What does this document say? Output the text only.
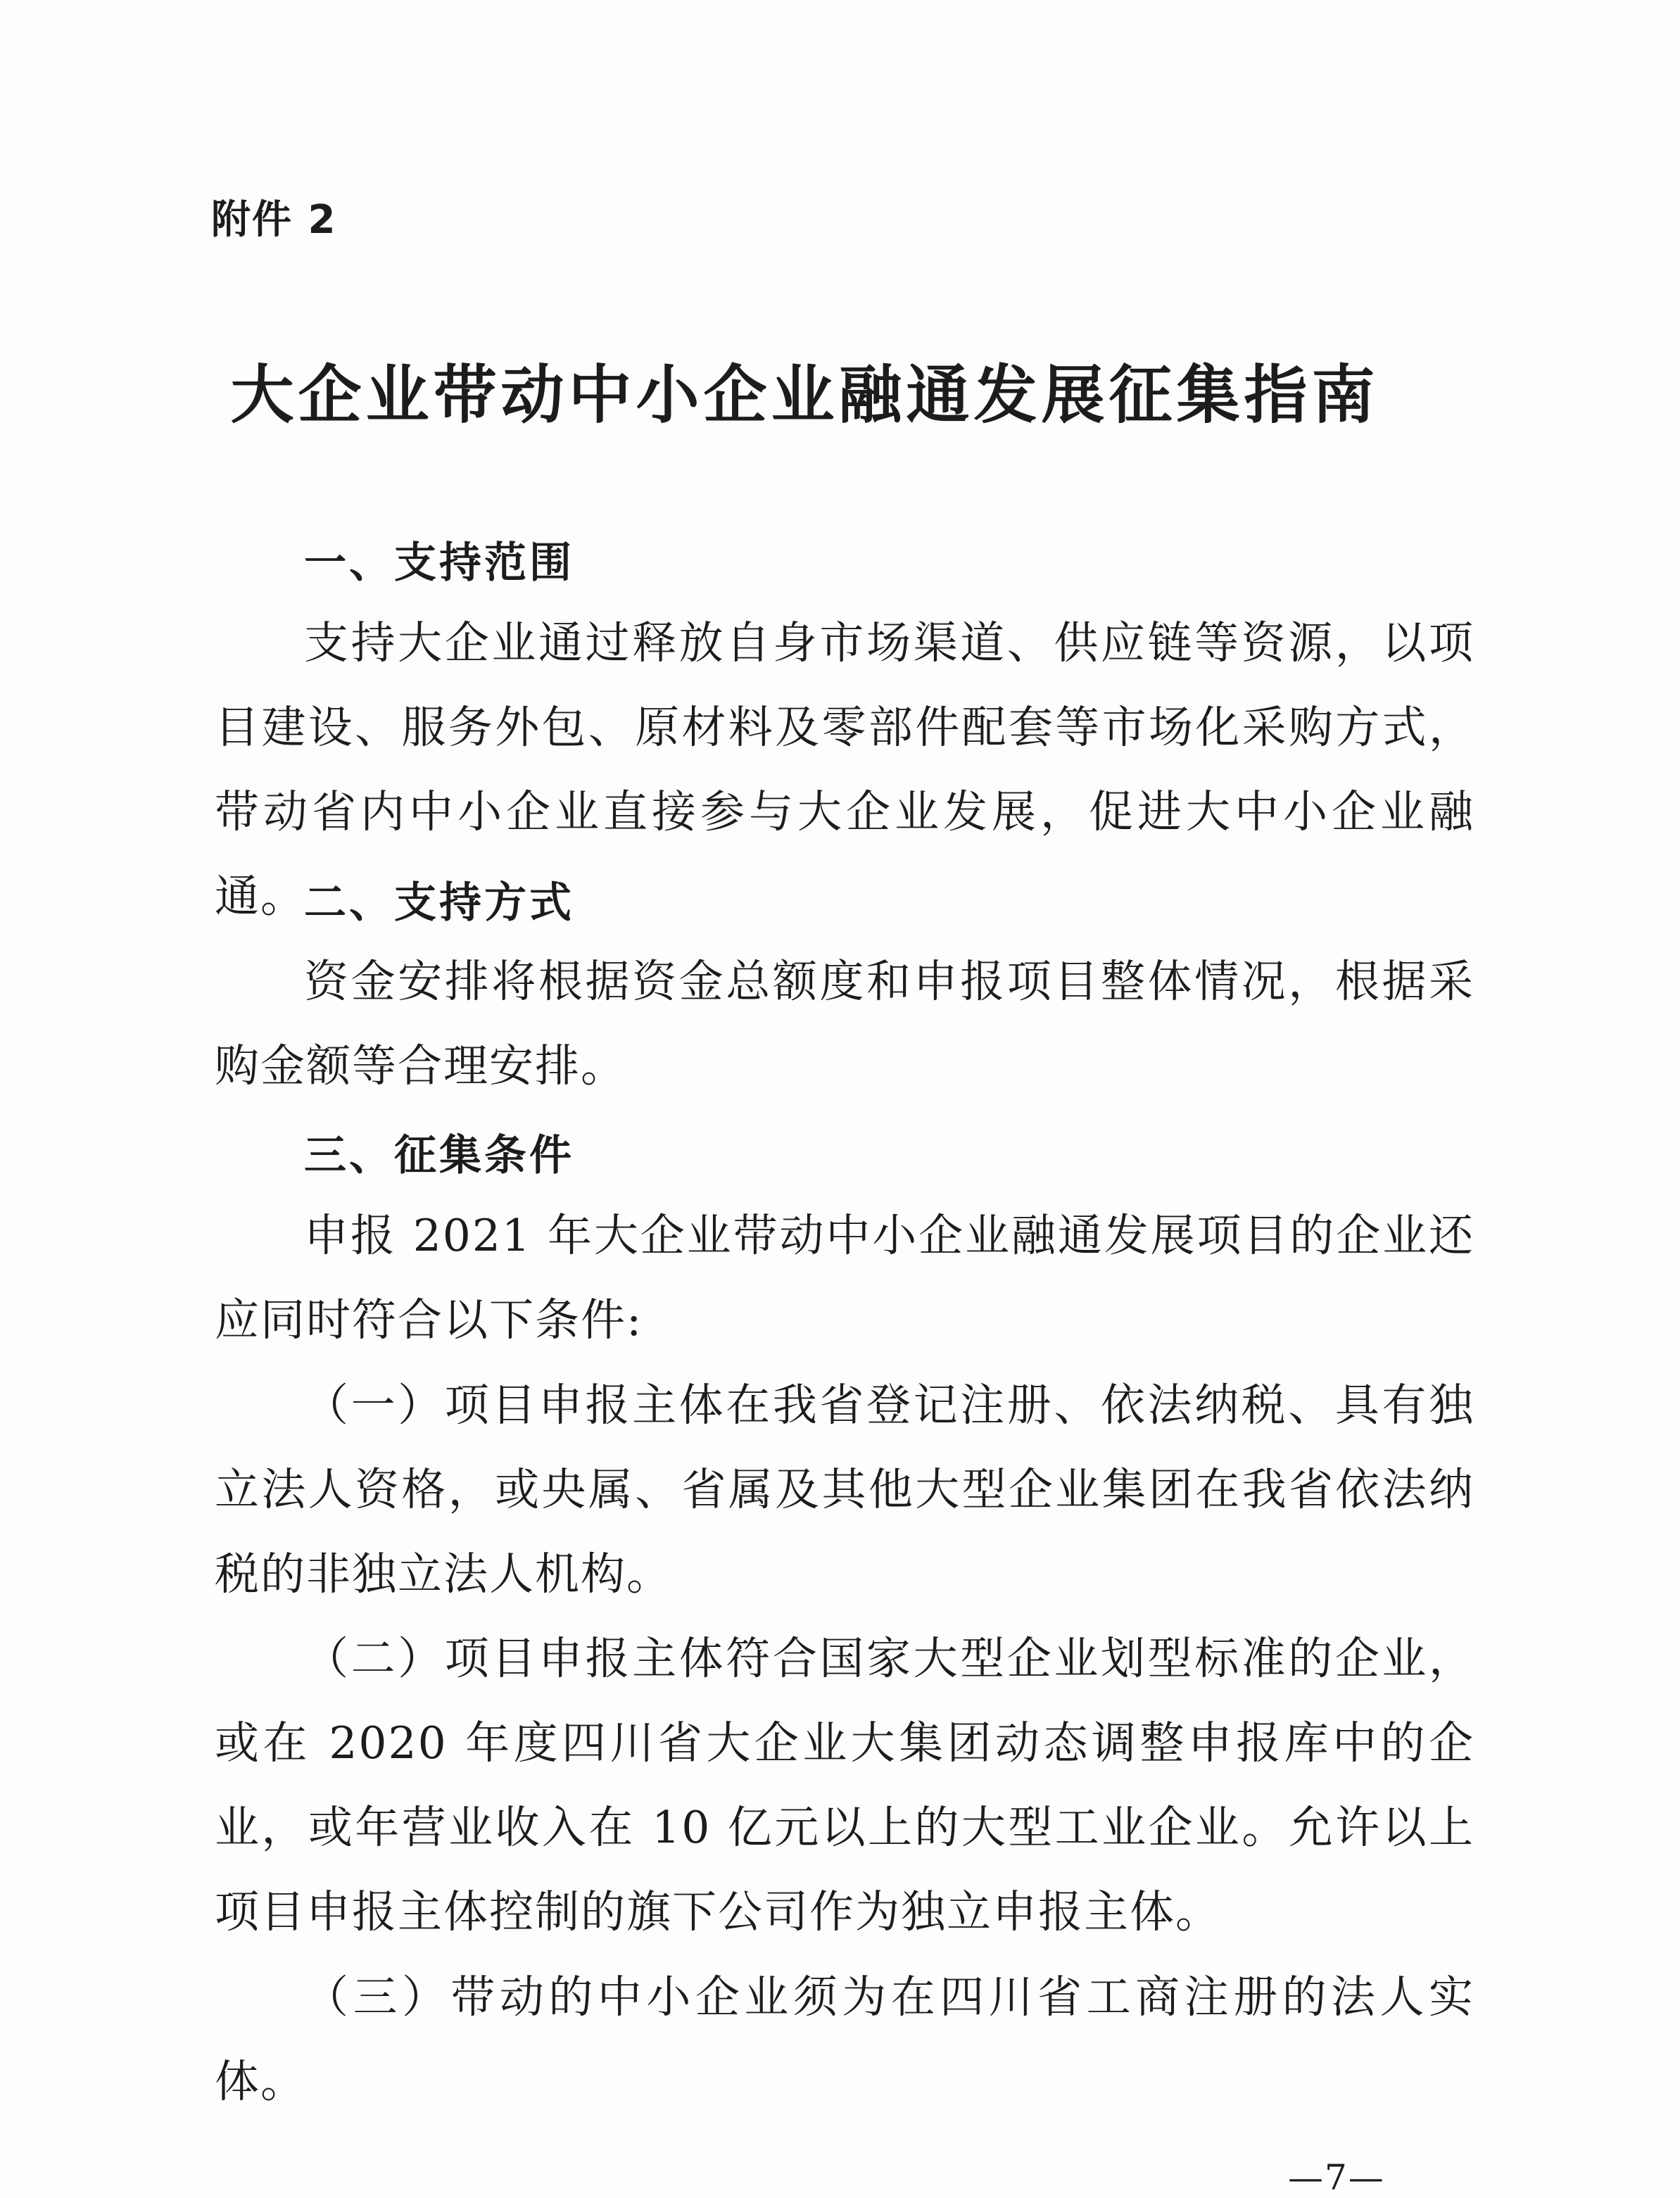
附件 2
大企业带动中小企业融通发展征集指南
一、支持范围
支持大企业通过释放自身市场渠道、供应链等资源，以项目建设、服务外包、原材料及零部件配套等市场化采购方式，带动省内中小企业直接参与大企业发展，促进大中小企业融通。
二、支持方式
资金安排将根据资金总额度和申报项目整体情况，根据采购金额等合理安排。
三、征集条件
申报 2021 年大企业带动中小企业融通发展项目的企业还应同时符合以下条件:
（一）项目申报主体在我省登记注册、依法纳税、具有独立法人资格，或央属、省属及其他大型企业集团在我省依法纳税的非独立法人机构。
（二）项目申报主体符合国家大型企业划型标准的企业，或在 2020 年度四川省大企业大集团动态调整申报库中的企业，或年营业收入在 10 亿元以上的大型工业企业。允许以上项目申报主体控制的旗下公司作为独立申报主体。
（三）带动的中小企业须为在四川省工商注册的法人实体。
—7—
